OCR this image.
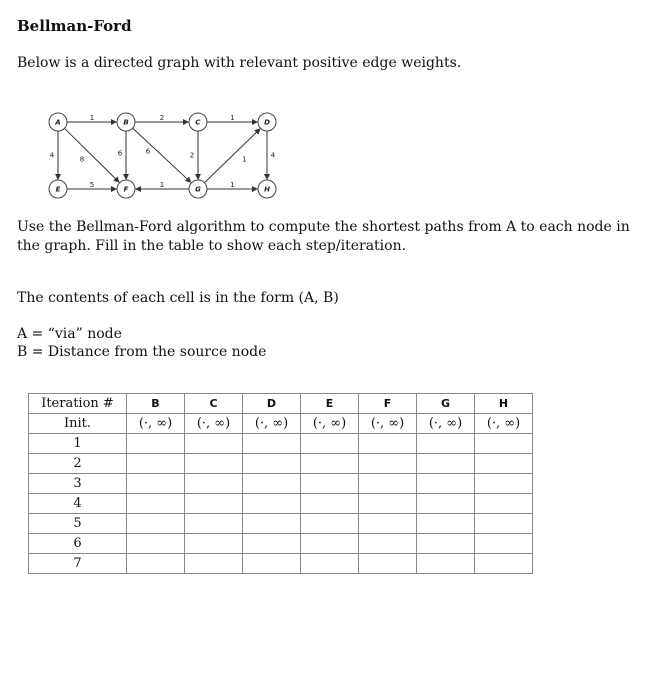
Bellman-Ford

Below is a directed graph with relevant positive edge weights.

1	2	1
4	8
6	6	2	1	4
5	1	1
A	B	C	D
E	F	G	H

Use the Bellman-Ford algorithm to compute the shortest paths from A to each node in the graph. Fill in the table to show each step/iteration.

The contents of each cell is in the form (A, B)

A = “via” node

B = Distance from the source node

Iteration #	B	C	D	E	F	G	H
Init.	(·, ∞)	(·, ∞)	(·, ∞)	(·, ∞)	(·, ∞)	(·, ∞)	(·, ∞)
1							
2							
3							
4							
5							
6							
7							
